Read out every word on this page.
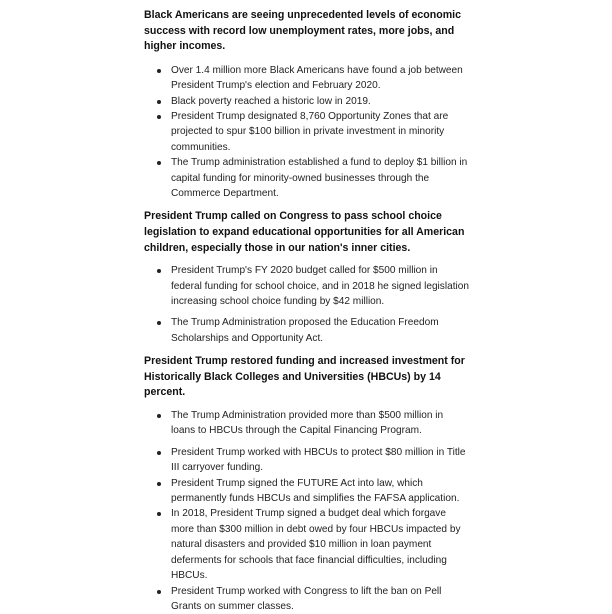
Black Americans are seeing unprecedented levels of economic success with record low unemployment rates, more jobs, and higher incomes.

Over 1.4 million more Black Americans have found a job between President Trump's election and February 2020.
Black poverty reached a historic low in 2019.
President Trump designated 8,760 Opportunity Zones that are projected to spur $100 billion in private investment in minority communities.
The Trump administration established a fund to deploy $1 billion in capital funding for minority-owned businesses through the Commerce Department.

President Trump called on Congress to pass school choice legislation to expand educational opportunities for all American children, especially those in our nation's inner cities.

President Trump's FY 2020 budget called for $500 million in federal funding for school choice, and in 2018 he signed legislation increasing school choice funding by $42 million.
The Trump Administration proposed the Education Freedom Scholarships and Opportunity Act.

President Trump restored funding and increased investment for Historically Black Colleges and Universities (HBCUs) by 14 percent.

The Trump Administration provided more than $500 million in loans to HBCUs through the Capital Financing Program.
President Trump worked with HBCUs to protect $80 million in Title III carryover funding.
President Trump signed the FUTURE Act into law, which permanently funds HBCUs and simplifies the FAFSA application.
In 2018, President Trump signed a budget deal which forgave more than $300 million in debt owed by four HBCUs impacted by natural disasters and provided $10 million in loan payment deferments for schools that face financial difficulties, including HBCUs.
President Trump worked with Congress to lift the ban on Pell Grants on summer classes.
